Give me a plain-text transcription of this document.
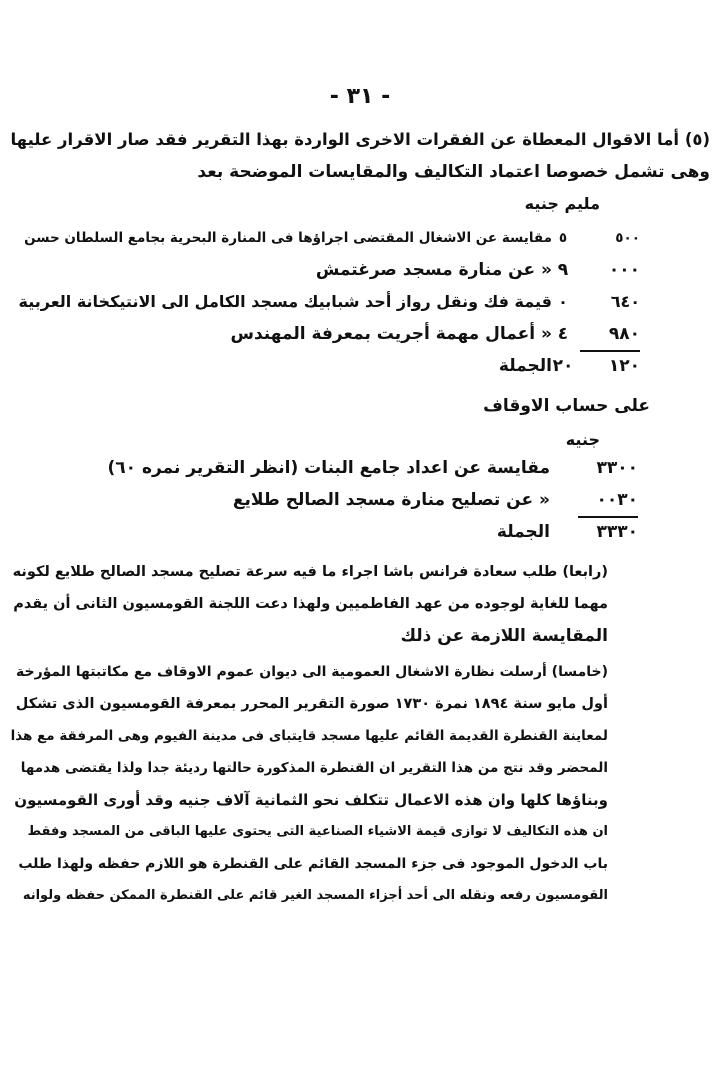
- ٣١ -
(٥) أما الاقوال المعطاة عن الفقرات الاخرى الواردة بهذا التقرير فقد صار الاقرار عليها
وهى تشمل خصوصا اعتماد التكاليف والمقايسات الموضحة بعد
مليم جنيه
٥٠٠٥مقايسة عن الاشغال المقتضى اجراؤها فى المنارة البحرية بجامع السلطان حسن
٠٠٠٩« عن منارة مسجد صرغتمش
٦٤٠٠قيمة فك ونقل رواز أحد شبابيك مسجد الكامل الى الانتيكخانة العربية
٩٨٠٤« أعمال مهمة أجريت بمعرفة المهندس
١٢٠٢٠الجملة
على حساب الاوقاف
جنيه
٣٣٠٠مقايسة عن اعداد جامع البنات (انظر التقرير نمره ٦٠)
٠٠٣٠« عن تصليح منارة مسجد الصالح طلايع
٣٣٣٠الجملة
(رابعا) طلب سعادة فرانس باشا اجراء ما فيه سرعة تصليح مسجد الصالح طلايع لكونه
مهما للغاية لوجوده من عهد الفاطميين ولهذا دعت اللجنة القومسيون الثانى أن يقدم
المقايسة اللازمة عن ذلك
(خامسا) أرسلت نظارة الاشغال العمومية الى ديوان عموم الاوقاف مع مكاتبتها المؤرخة
أول مايو سنة ١٨٩٤ نمرة ١٧٣٠ صورة التقرير المحرر بمعرفة القومسيون الذى تشكل
لمعاينة القنطرة القديمة القائم عليها مسجد قايتباى فى مدينة الفيوم وهى المرفقة مع هذا
المحضر وقد نتج من هذا التقرير ان القنطرة المذكورة حالتها رديئة جدا ولذا يقتضى هدمها
وبناؤها كلها وان هذه الاعمال تتكلف نحو الثمانية آلاف جنيه وقد أورى القومسيون
ان هذه التكاليف لا توازى قيمة الاشياء الصناعية التى يحتوى عليها الباقى من المسجد وفقط
باب الدخول الموجود فى جزء المسجد القائم على القنطرة هو اللازم حفظه ولهذا طلب
القومسيون رفعه ونقله الى أحد أجزاء المسجد الغير قائم على القنطرة الممكن حفظه ولوانه
